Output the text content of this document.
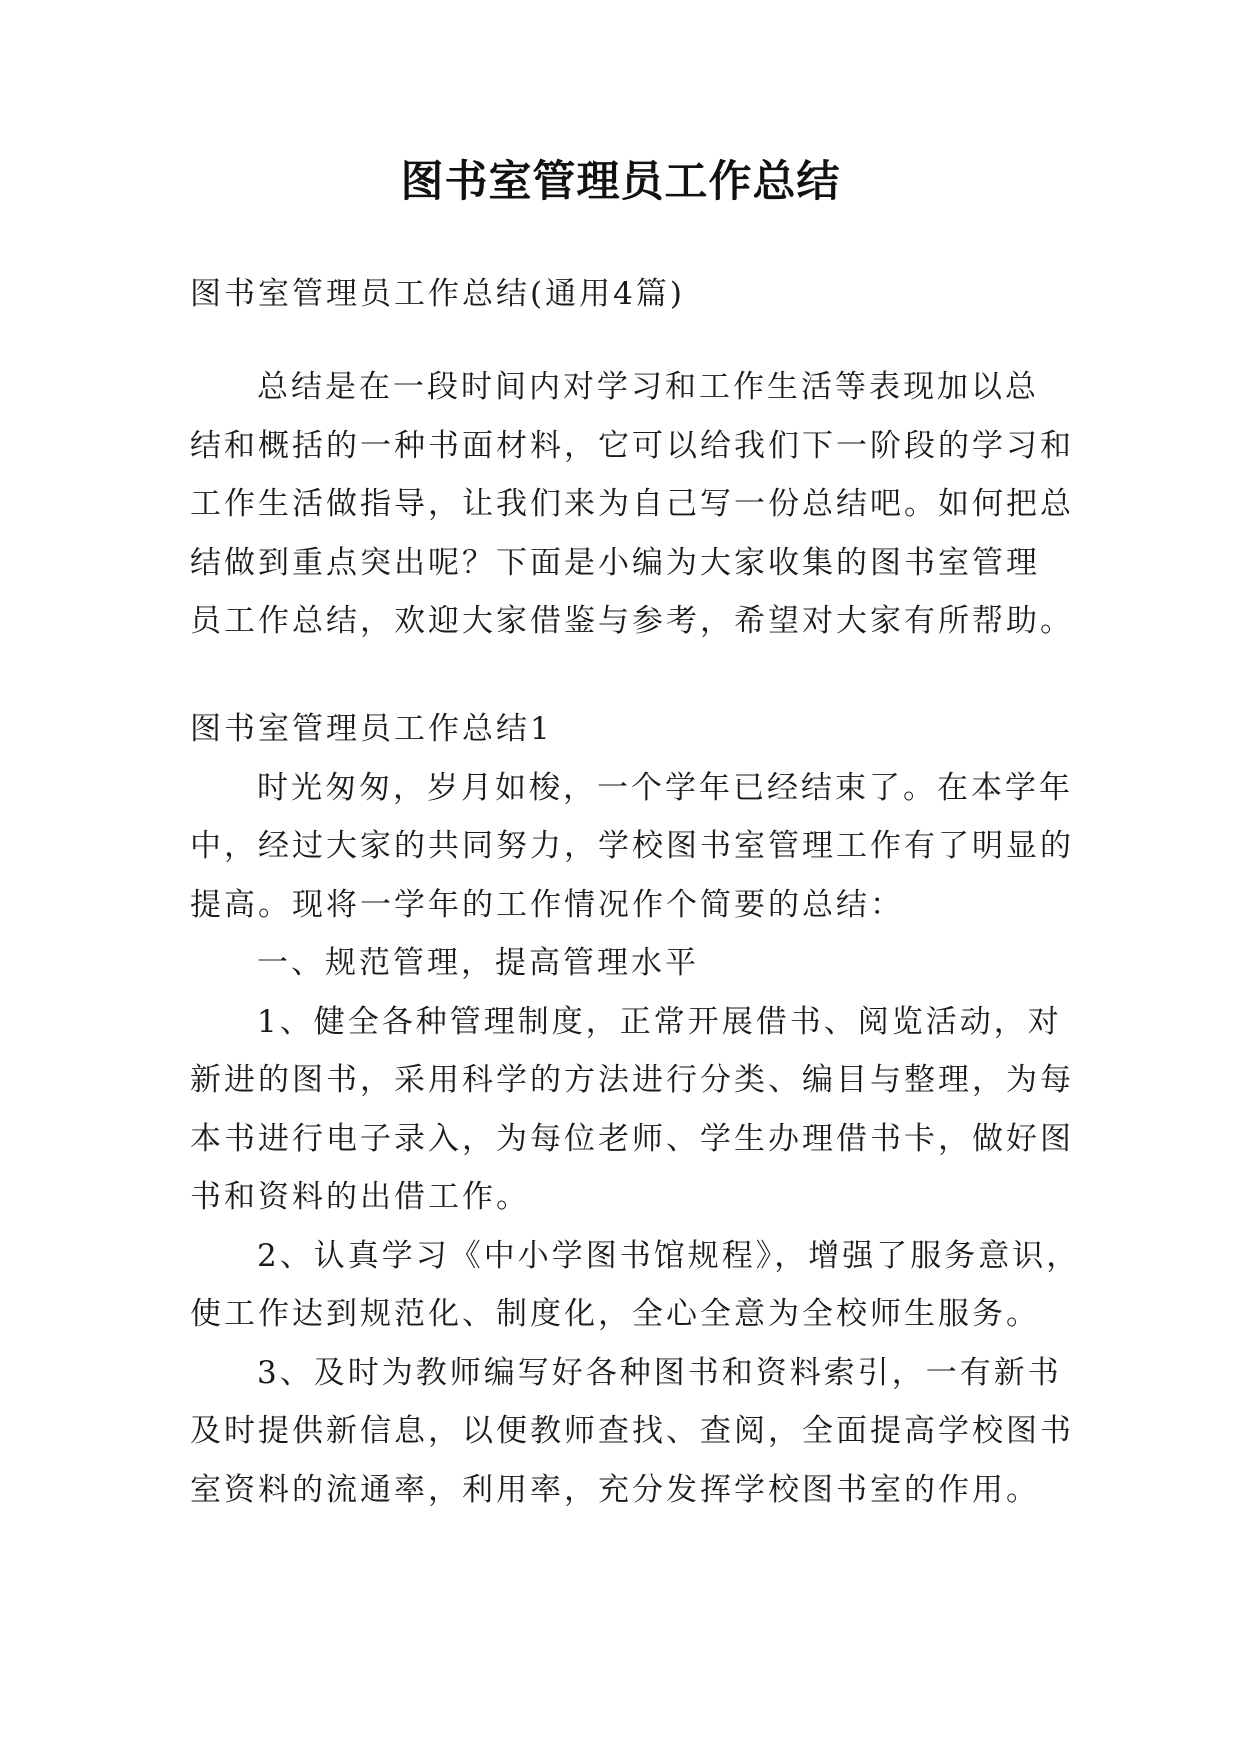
图书室管理员工作总结
图书室管理员工作总结(通用4篇)
总结是在一段时间内对学习和工作生活等表现加以总
结和概括的一种书面材料，它可以给我们下一阶段的学习和
工作生活做指导，让我们来为自己写一份总结吧。如何把总
结做到重点突出呢？下面是小编为大家收集的图书室管理
员工作总结，欢迎大家借鉴与参考，希望对大家有所帮助。
图书室管理员工作总结1
时光匆匆，岁月如梭，一个学年已经结束了。在本学年
中，经过大家的共同努力，学校图书室管理工作有了明显的
提高。现将一学年的工作情况作个简要的总结：
一、规范管理，提高管理水平
1、健全各种管理制度，正常开展借书、阅览活动，对
新进的图书，采用科学的方法进行分类、编目与整理，为每
本书进行电子录入，为每位老师、学生办理借书卡，做好图
书和资料的出借工作。
2、认真学习《中小学图书馆规程》，增强了服务意识，
使工作达到规范化、制度化，全心全意为全校师生服务。
3、及时为教师编写好各种图书和资料索引，一有新书
及时提供新信息，以便教师查找、查阅，全面提高学校图书
室资料的流通率，利用率，充分发挥学校图书室的作用。
